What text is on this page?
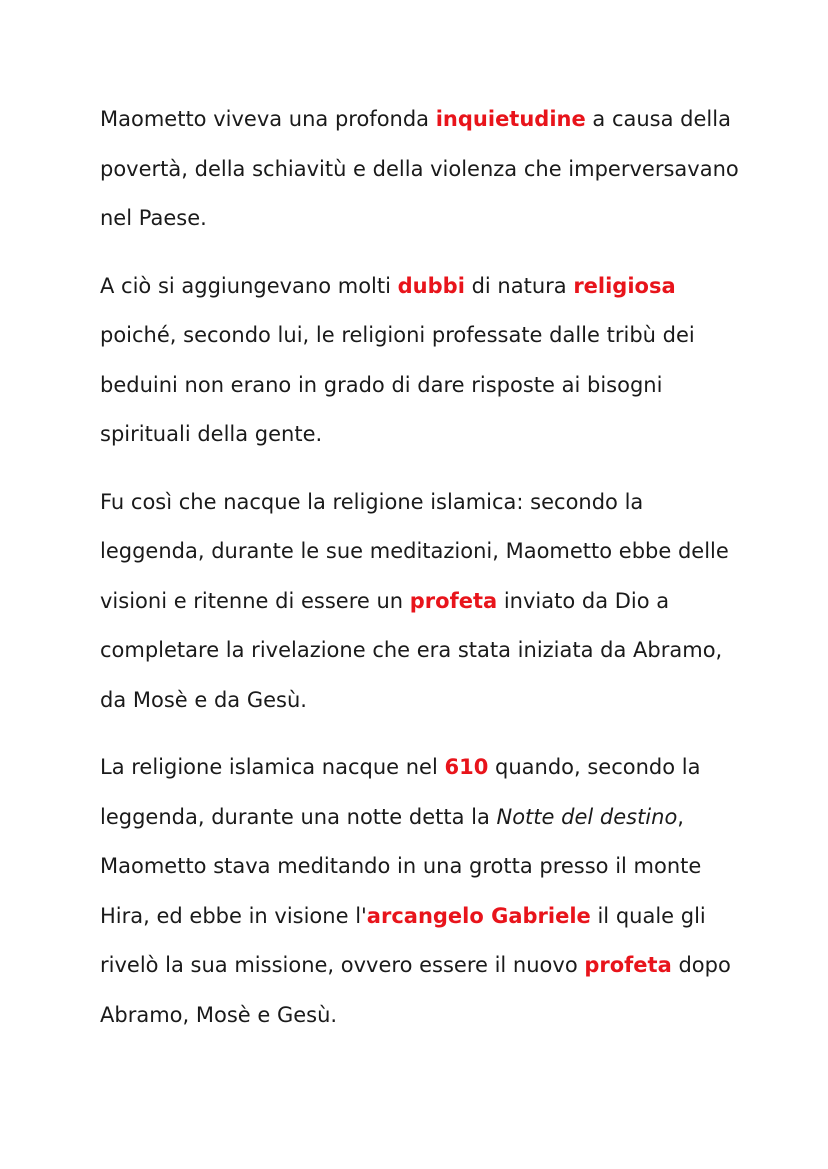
Maometto viveva una profonda inquietudine a causa della povertà, della schiavitù e della violenza che imperversavano nel Paese.

A ciò si aggiungevano molti dubbi di natura religiosa poiché, secondo lui, le religioni professate dalle tribù dei beduini non erano in grado di dare risposte ai bisogni spirituali della gente.

Fu così che nacque la religione islamica: secondo la leggenda, durante le sue meditazioni, Maometto ebbe delle visioni e ritenne di essere un profeta inviato da Dio a completare la rivelazione che era stata iniziata da Abramo, da Mosè e da Gesù.

La religione islamica nacque nel 610 quando, secondo la leggenda, durante una notte detta la Notte del destino, Maometto stava meditando in una grotta presso il monte Hira, ed ebbe in visione l'arcangelo Gabriele il quale gli rivelò la sua missione, ovvero essere il nuovo profeta dopo Abramo, Mosè e Gesù.
